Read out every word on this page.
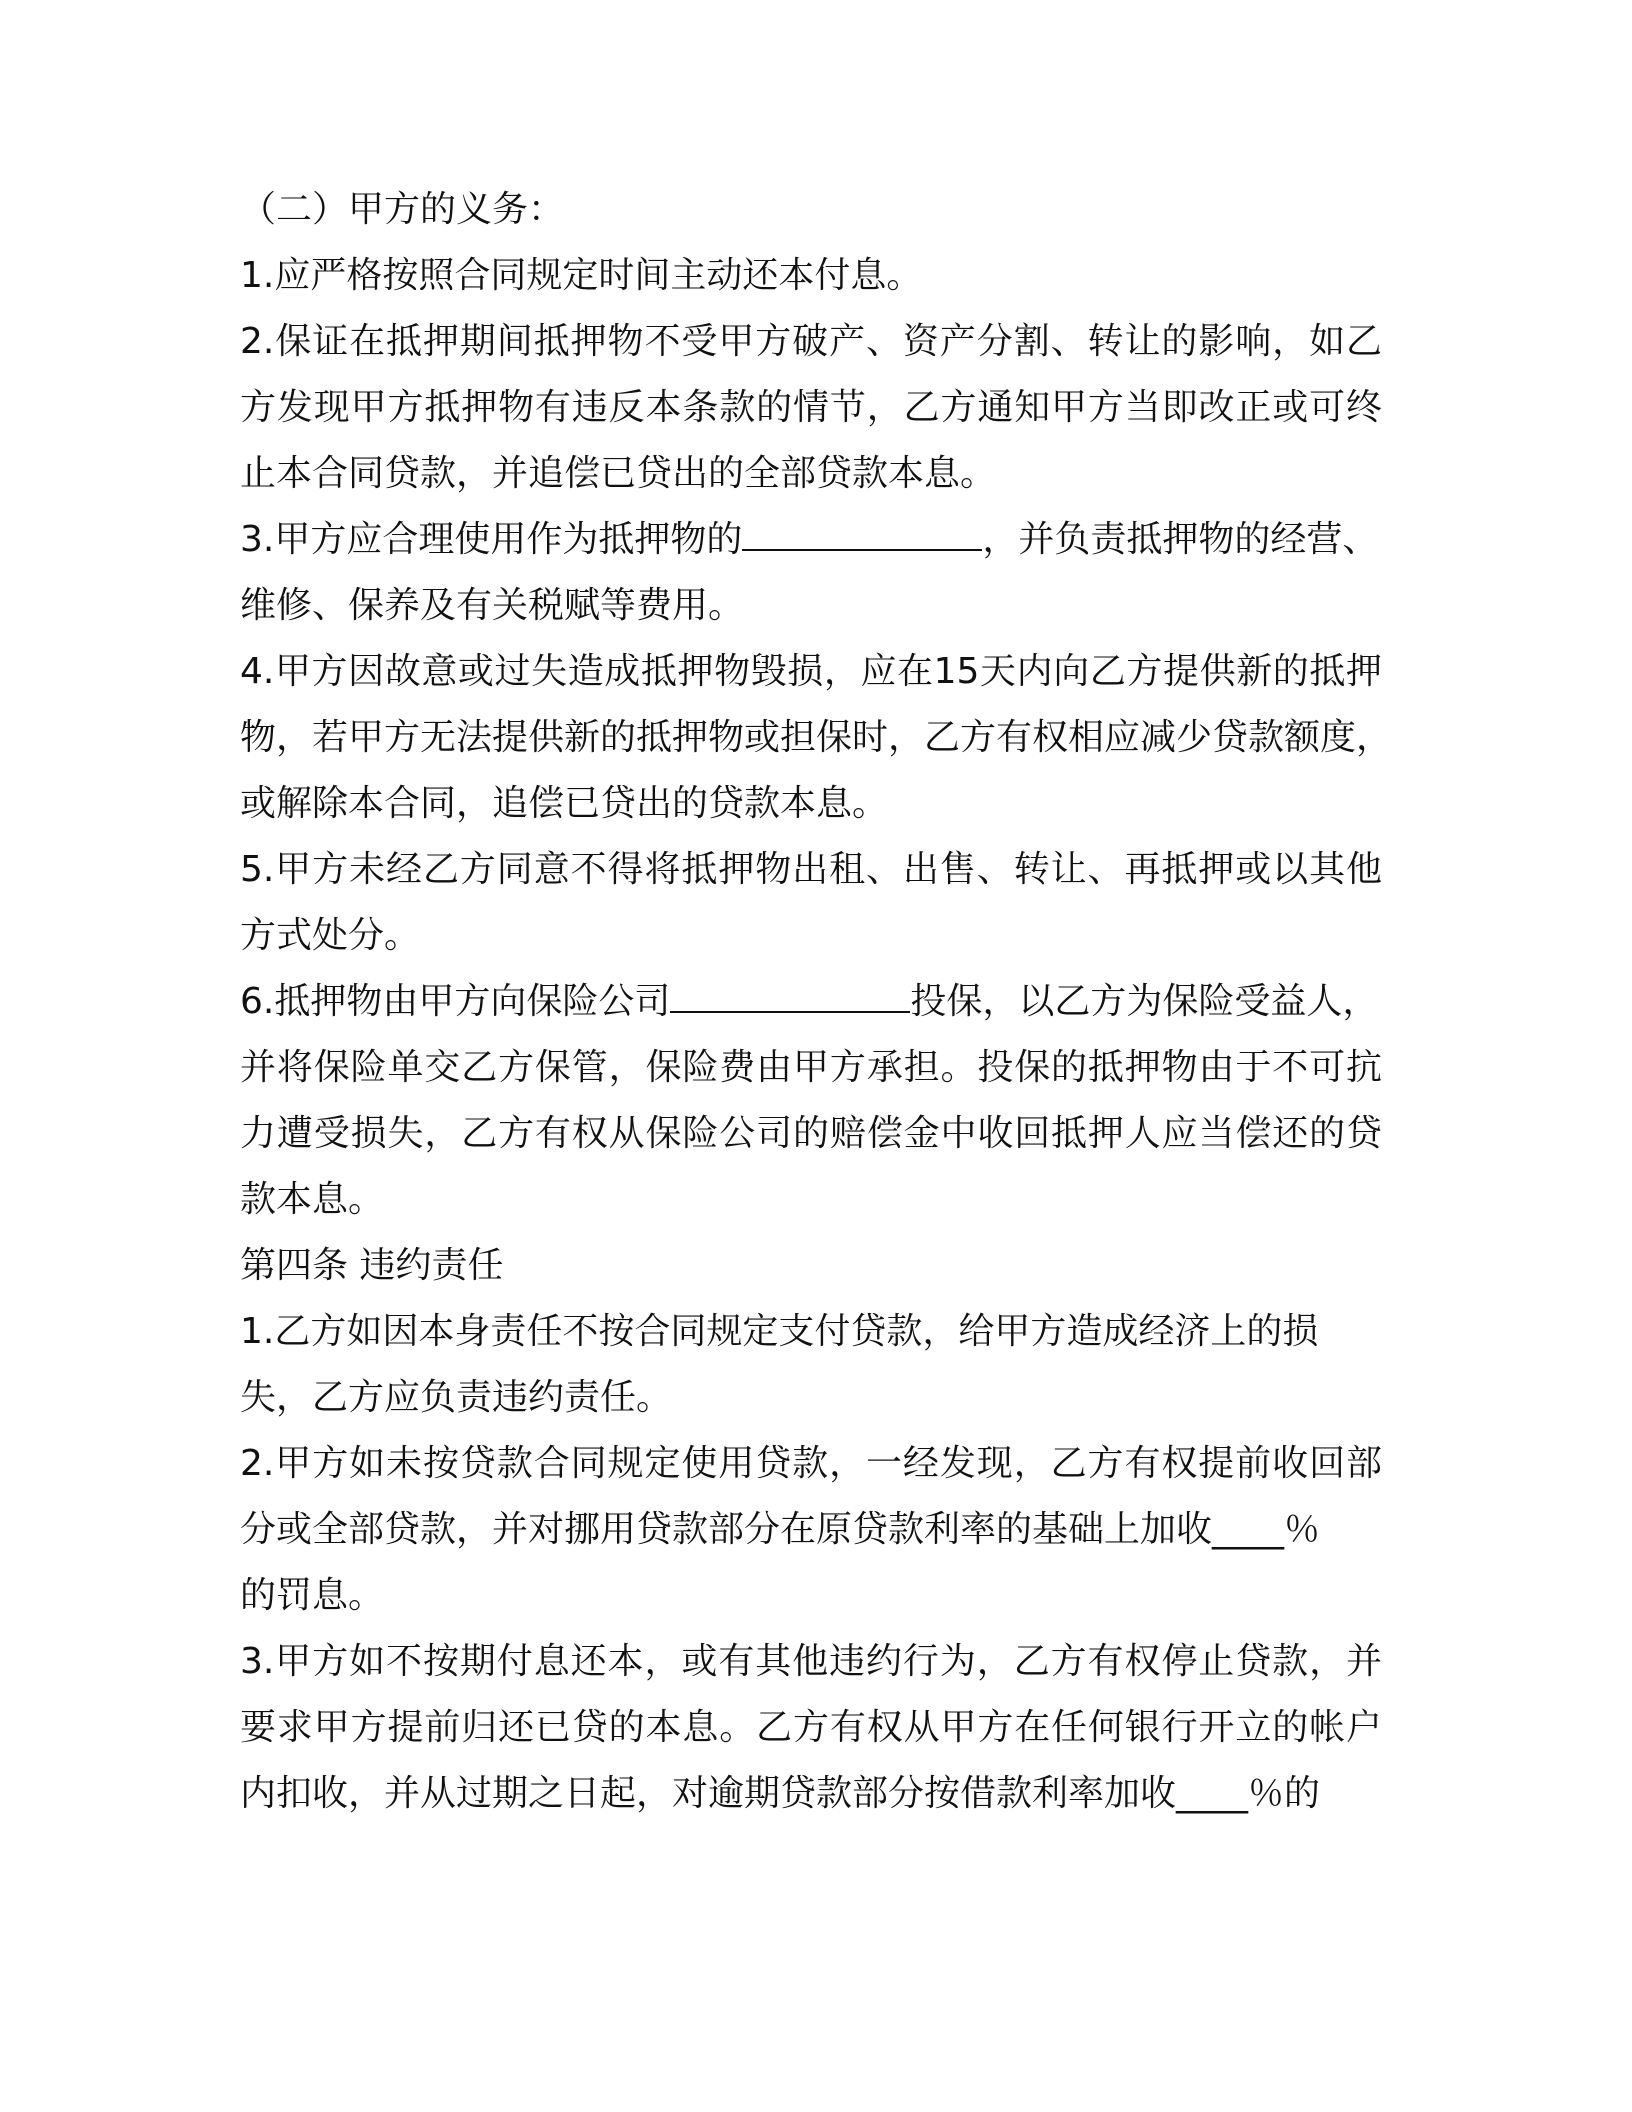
（二）甲方的义务：
1.应严格按照合同规定时间主动还本付息。
2.保证在抵押期间抵押物不受甲方破产、资产分割、转让的影响，如乙
方发现甲方抵押物有违反本条款的情节，乙方通知甲方当即改正或可终
止本合同贷款，并追偿已贷出的全部贷款本息。
3.甲方应合理使用作为抵押物的	，并负责抵押物的经营、
维修、保养及有关税赋等费用。
4.甲方因故意或过失造成抵押物毁损，应在15天内向乙方提供新的抵押
物，若甲方无法提供新的抵押物或担保时，乙方有权相应减少贷款额度，
或解除本合同，追偿已贷出的贷款本息。
5.甲方未经乙方同意不得将抵押物出租、出售、转让、再抵押或以其他
方式处分。
6.抵押物由甲方向保险公司	投保，以乙方为保险受益人，
并将保险单交乙方保管，保险费由甲方承担。投保的抵押物由于不可抗
力遭受损失，乙方有权从保险公司的赔偿金中收回抵押人应当偿还的贷
款本息。
第四条 违约责任
1.乙方如因本身责任不按合同规定支付贷款，给甲方造成经济上的损
失，乙方应负责违约责任。
2.甲方如未按贷款合同规定使用贷款，一经发现，乙方有权提前收回部
分或全部贷款，并对挪用贷款部分在原贷款利率的基础上加收____％
的罚息。
3.甲方如不按期付息还本，或有其他违约行为，乙方有权停止贷款，并
要求甲方提前归还已贷的本息。乙方有权从甲方在任何银行开立的帐户
内扣收，并从过期之日起，对逾期贷款部分按借款利率加收____％的
